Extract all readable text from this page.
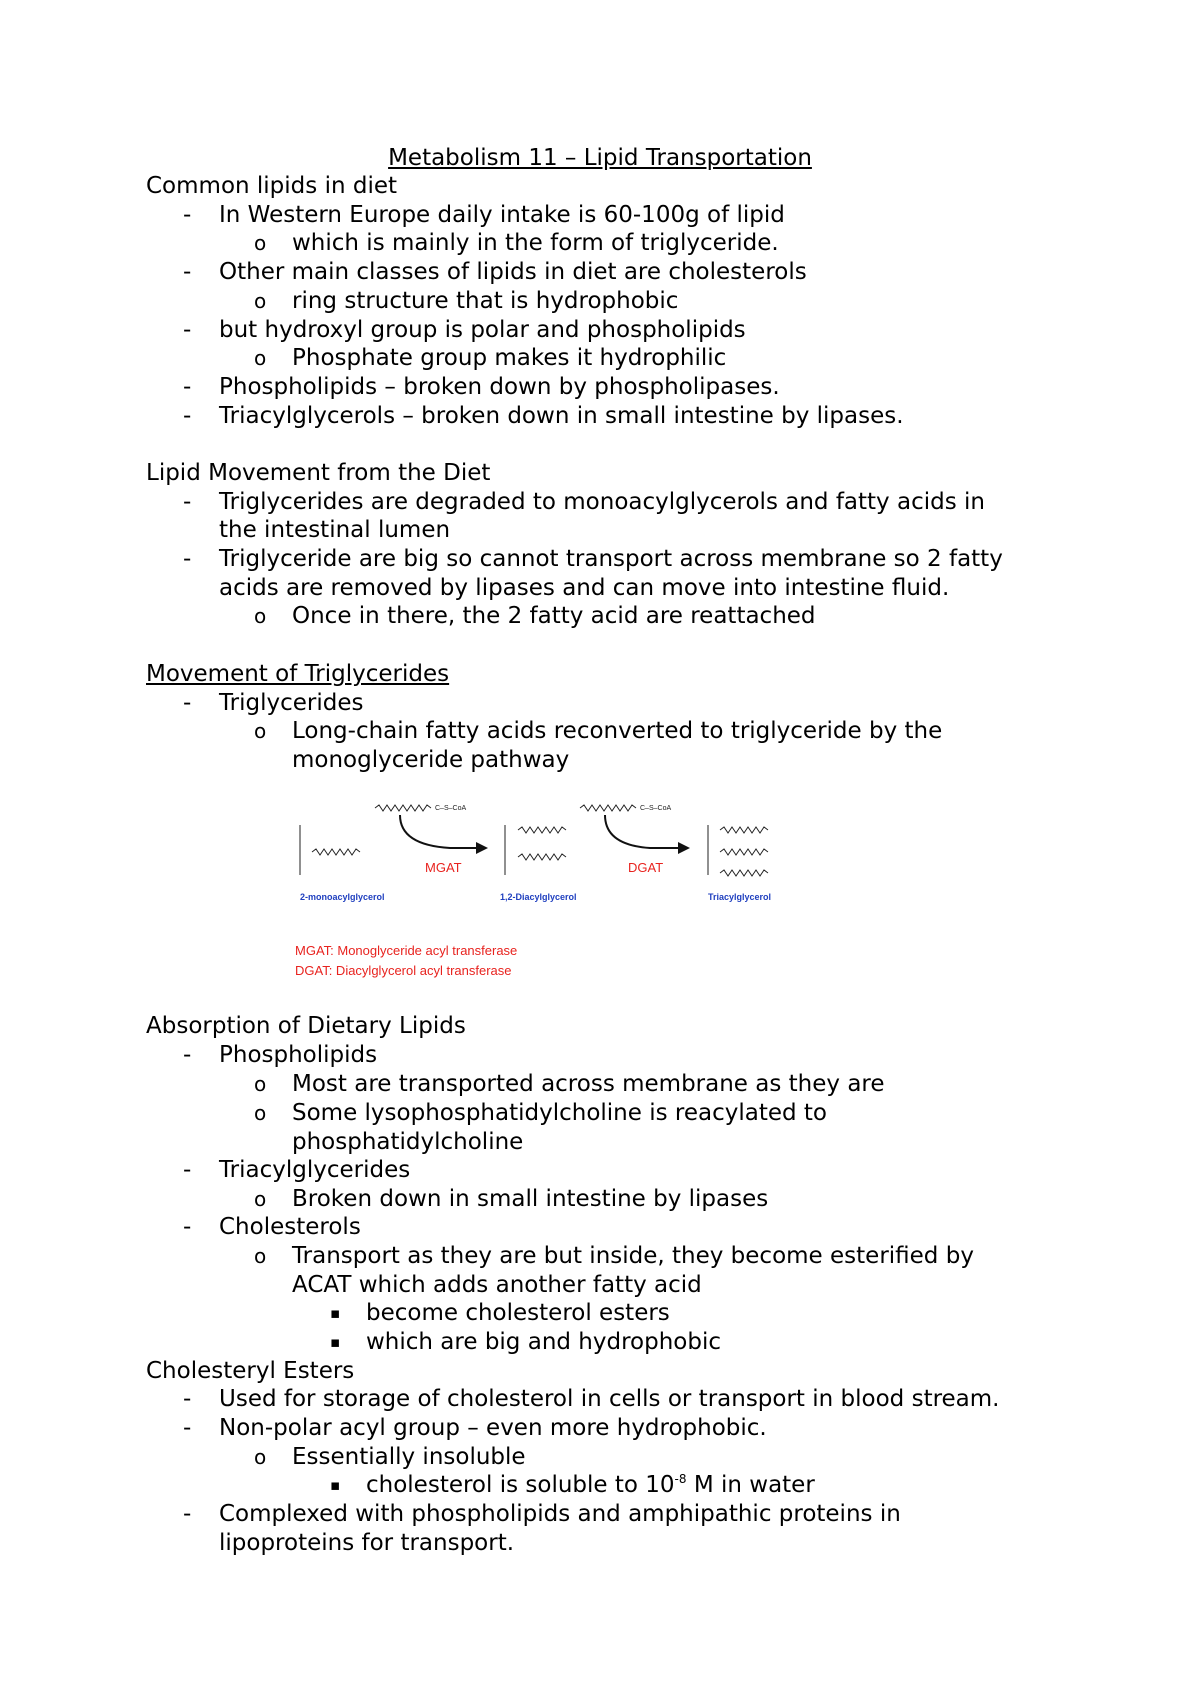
Metabolism 11 – Lipid Transportation
Common lipids in diet
- In Western Europe daily intake is 60-100g of lipid
o which is mainly in the form of triglyceride.
- Other main classes of lipids in diet are cholesterols
o ring structure that is hydrophobic
- but hydroxyl group is polar and phospholipids
o Phosphate group makes it hydrophilic
- Phospholipids – broken down by phospholipases.
- Triacylglycerols – broken down in small intestine by lipases.
Lipid Movement from the Diet
- Triglycerides are degraded to monoacylglycerols and fatty acids in
the intestinal lumen
- Triglyceride are big so cannot transport across membrane so 2 fatty
acids are removed by lipases and can move into intestine fluid.
o Once in there, the 2 fatty acid are reattached
Movement of Triglycerides
- Triglycerides
o Long-chain fatty acids reconverted to triglyceride by the
monoglyceride pathway
C–S–CoA	C–S–CoA
MGAT	DGAT
2-monoacylglycerol	1,2-Diacylglycerol	Triacylglycerol
MGAT: Monoglyceride acyl transferase
DGAT: Diacylglycerol acyl transferase
Absorption of Dietary Lipids
- Phospholipids
o Most are transported across membrane as they are
o Some lysophosphatidylcholine is reacylated to
phosphatidylcholine
- Triacylglycerides
o Broken down in small intestine by lipases
- Cholesterols
o Transport as they are but inside, they become esterified by
ACAT which adds another fatty acid
▪ become cholesterol esters
▪ which are big and hydrophobic
Cholesteryl Esters
- Used for storage of cholesterol in cells or transport in blood stream.
- Non-polar acyl group – even more hydrophobic.
o Essentially insoluble
▪ cholesterol is soluble to $10^{-8}$ M in water
- Complexed with phospholipids and amphipathic proteins in
lipoproteins for transport.
